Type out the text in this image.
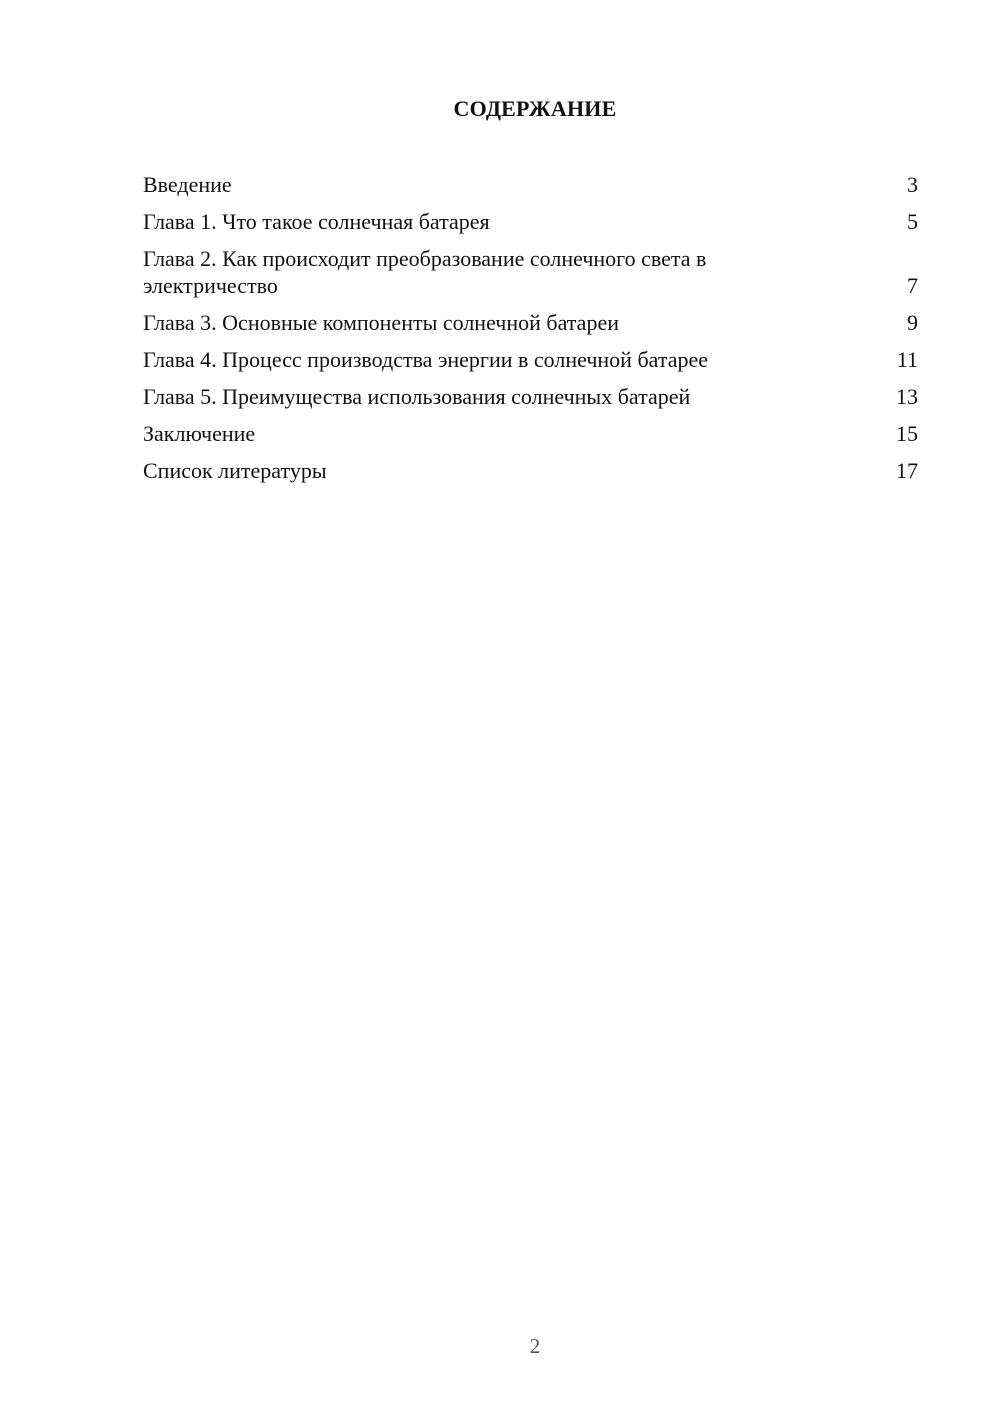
СОДЕРЖАНИЕ
Введение	3
Глава 1. Что такое солнечная батарея	5
Глава 2. Как происходит преобразование солнечного света в электричество	7
Глава 3. Основные компоненты солнечной батареи	9
Глава 4. Процесс производства энергии в солнечной батарее	11
Глава 5. Преимущества использования солнечных батарей	13
Заключение	15
Список литературы	17
2
